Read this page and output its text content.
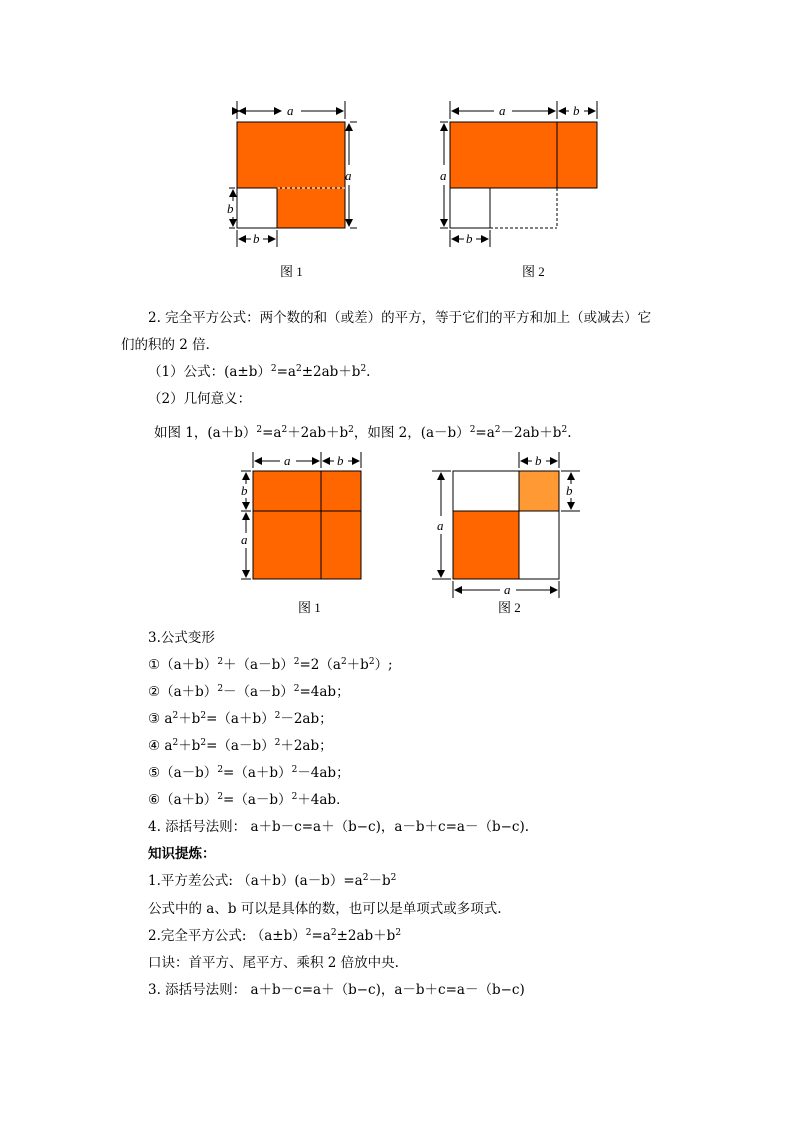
a
a
b
b
图 1
a	b
a
b
图 2
2. 完全平方公式：两个数的和（或差）的平方，等于它们的平方和加上（或减去）它
们的积的 2 倍．
（1）公式：$(a\pm b)^2=a^2\pm 2ab+b^2$.
（2）几何意义：
如图 1，$(a+b)^2=a^2+2ab+b^2$，如图 2，$(a-b)^2=a^2-2ab+b^2$.
a	b
b
a
图 1
b
b
a
a
图 2
3.公式变形
$①(a+b)^2+(a-b)^2=2(a^2+b^2)$;
$②(a+b)^2-(a-b)^2=4ab$；
③ $a^2+b^2=(a+b)^2-2ab$；
④ $a^2+b^2=(a-b)^2+2ab$；
$⑤(a-b)^2=(a+b)^2-4ab$；
$⑥(a+b)^2=(a-b)^2+4ab$．
4. 添括号法则： a＋b－c=a＋（b−c)，a－b＋c=a－（b−c).
知识提炼：
1.平方差公式: $(a+b)(a-b)=a^2-b^2$
公式中的 a、b 可以是具体的数，也可以是单项式或多项式.
2.完全平方公式: $(a\pm b)^2=a^2\pm 2ab+b^2$
口诀：首平方、尾平方、乘积 2 倍放中央.
3. 添括号法则： a＋b－c=a＋（b−c)，a－b＋c=a－（b−c)
